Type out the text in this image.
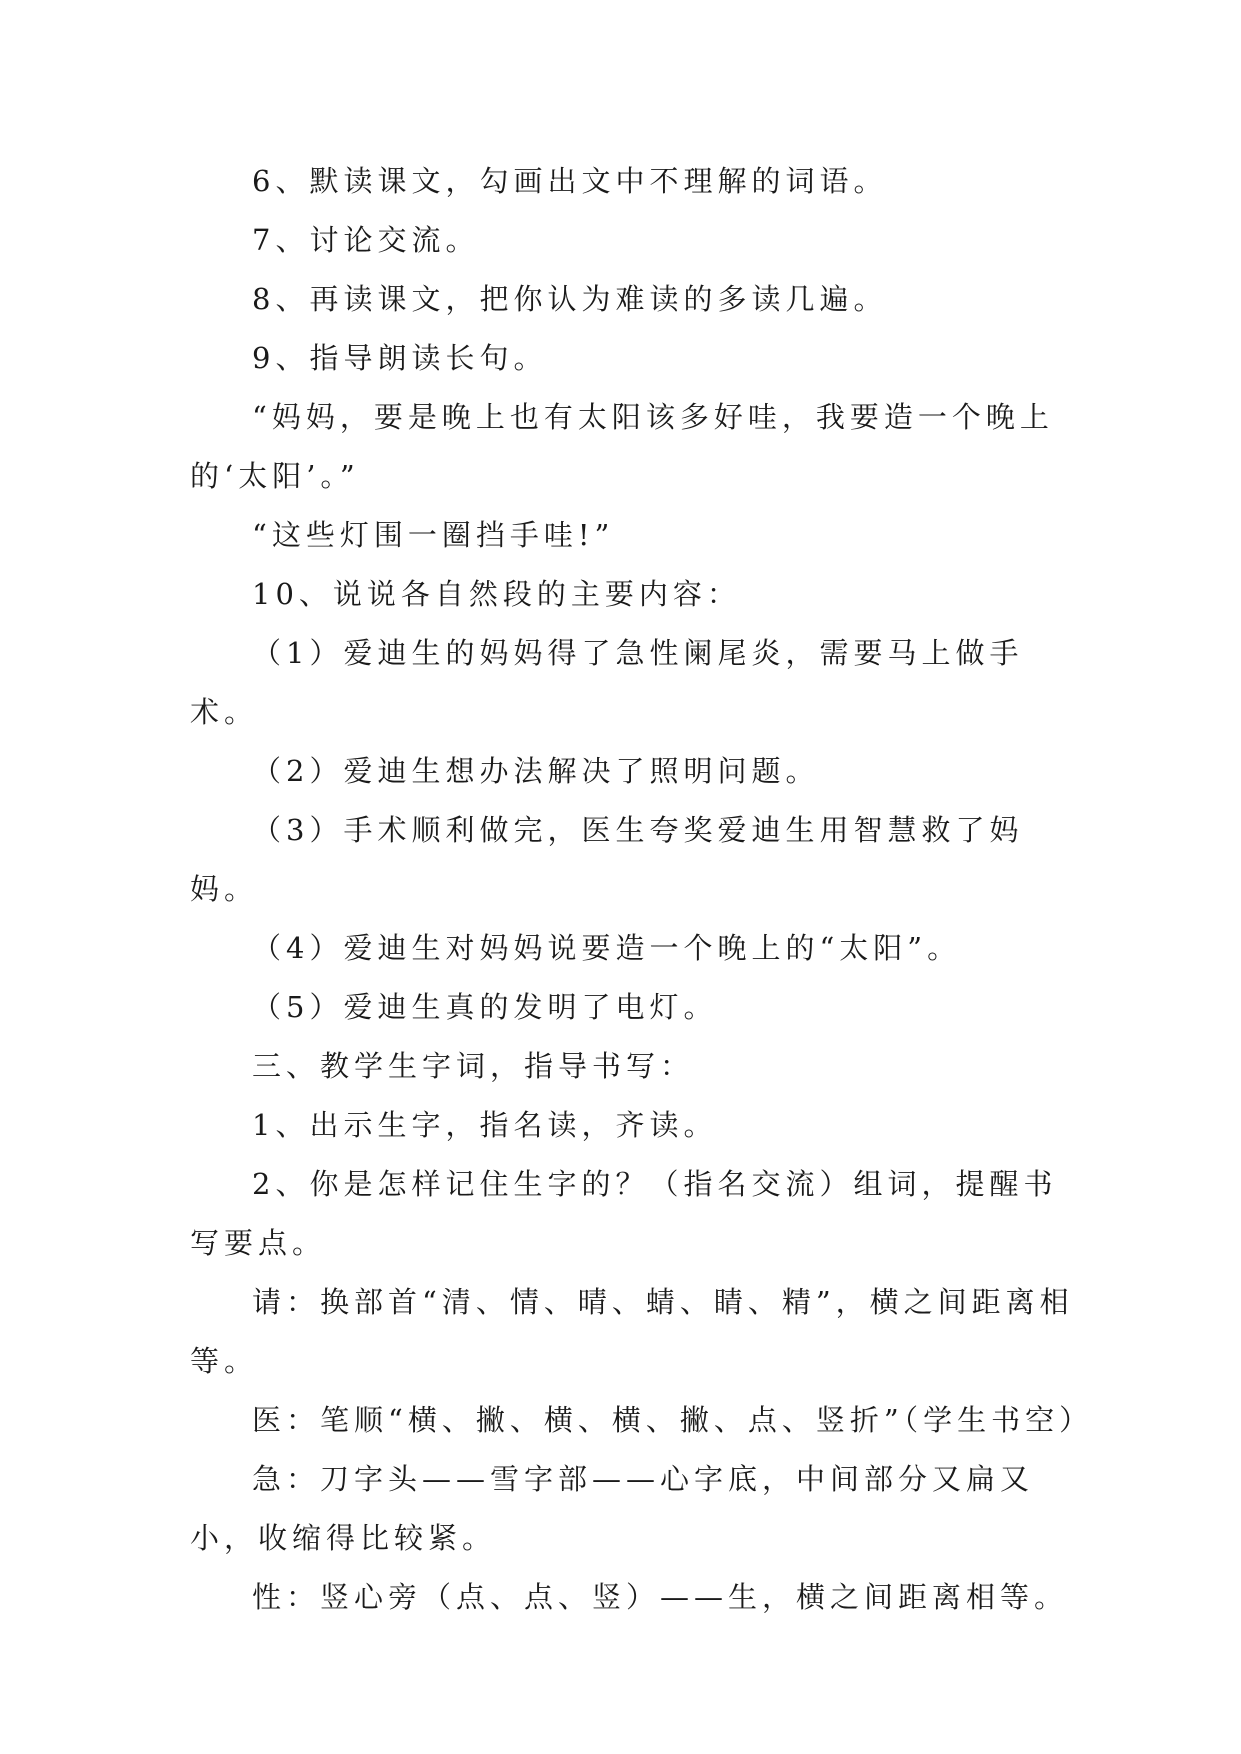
6、默读课文，勾画出文中不理解的词语。

7、讨论交流。

8、再读课文，把你认为难读的多读几遍。

9、指导朗读长句。

“妈妈，要是晚上也有太阳该多好哇，我要造一个晚上的‘太阳’。”

“这些灯围一圈挡手哇!”

10、说说各自然段的主要内容：

（1）爱迪生的妈妈得了急性阑尾炎，需要马上做手术。

（2）爱迪生想办法解决了照明问题。

（3）手术顺利做完，医生夸奖爱迪生用智慧救了妈妈。

（4）爱迪生对妈妈说要造一个晚上的“太阳”。

（5）爱迪生真的发明了电灯。

三、教学生字词，指导书写：

1、出示生字，指名读，齐读。

2、你是怎样记住生字的？（指名交流）组词，提醒书写要点。

请：换部首“清、情、晴、蜻、睛、精”，横之间距离相等。

医：笔顺“横、撇、横、横、撇、点、竖折”（学生书空）

急：刀字头——雪字部——心字底，中间部分又扁又小，收缩得比较紧。

性：竖心旁（点、点、竖）——生，横之间距离相等。
